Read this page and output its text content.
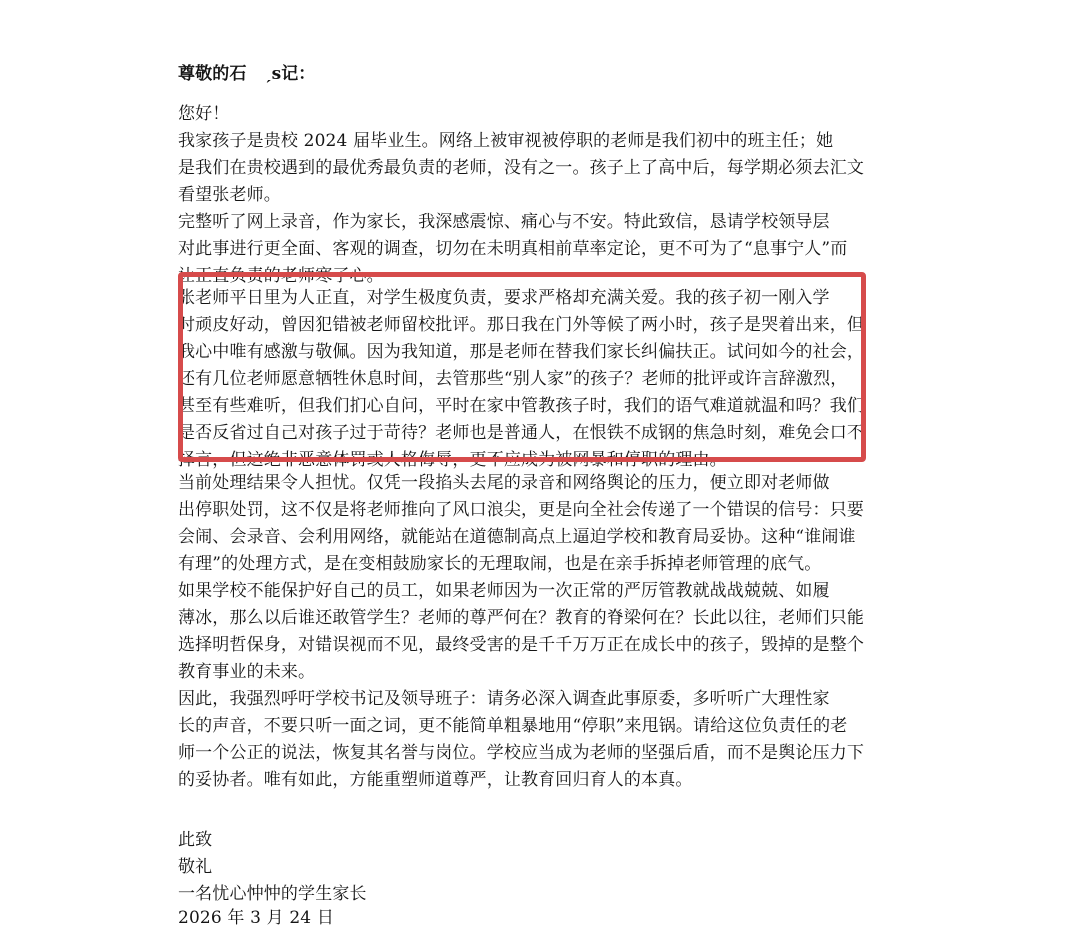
尊敬的石 ˏs记：
您好！
我家孩子是贵校 2024 届毕业生。网络上被审视被停职的老师是我们初中的班主任；她
是我们在贵校遇到的最优秀最负责的老师，没有之一。孩子上了高中后，每学期必须去汇文
看望张老师。
完整听了网上录音，作为家长，我深感震惊、痛心与不安。特此致信，恳请学校领导层
对此事进行更全面、客观的调查，切勿在未明真相前草率定论，更不可为了“息事宁人”而
让正直负责的老师寒了心。
张老师平日里为人正直，对学生极度负责，要求严格却充满关爱。我的孩子初一刚入学
时顽皮好动，曾因犯错被老师留校批评。那日我在门外等候了两小时，孩子是哭着出来，但
我心中唯有感激与敬佩。因为我知道，那是老师在替我们家长纠偏扶正。试问如今的社会，
还有几位老师愿意牺牲休息时间，去管那些“别人家”的孩子？老师的批评或许言辞激烈，
甚至有些难听，但我们扪心自问，平时在家中管教孩子时，我们的语气难道就温和吗？我们
是否反省过自己对孩子过于苛待？老师也是普通人，在恨铁不成钢的焦急时刻，难免会口不
择言，但这绝非恶意体罚或人格侮辱，更不应成为被网暴和停职的理由。
当前处理结果令人担忧。仅凭一段掐头去尾的录音和网络舆论的压力，便立即对老师做
出停职处罚，这不仅是将老师推向了风口浪尖，更是向全社会传递了一个错误的信号：只要
会闹、会录音、会利用网络，就能站在道德制高点上逼迫学校和教育局妥协。这种“谁闹谁
有理”的处理方式，是在变相鼓励家长的无理取闹，也是在亲手拆掉老师管理的底气。
如果学校不能保护好自己的员工，如果老师因为一次正常的严厉管教就战战兢兢、如履
薄冰，那么以后谁还敢管学生？老师的尊严何在？教育的脊梁何在？长此以往，老师们只能
选择明哲保身，对错误视而不见，最终受害的是千千万万正在成长中的孩子，毁掉的是整个
教育事业的未来。
因此，我强烈呼吁学校书记及领导班子：请务必深入调查此事原委，多听听广大理性家
长的声音，不要只听一面之词，更不能简单粗暴地用“停职”来甩锅。请给这位负责任的老
师一个公正的说法，恢复其名誉与岗位。学校应当成为老师的坚强后盾，而不是舆论压力下
的妥协者。唯有如此，方能重塑师道尊严，让教育回归育人的本真。
此致
敬礼
一名忧心忡忡的学生家长
2026 年 3 月 24 日
